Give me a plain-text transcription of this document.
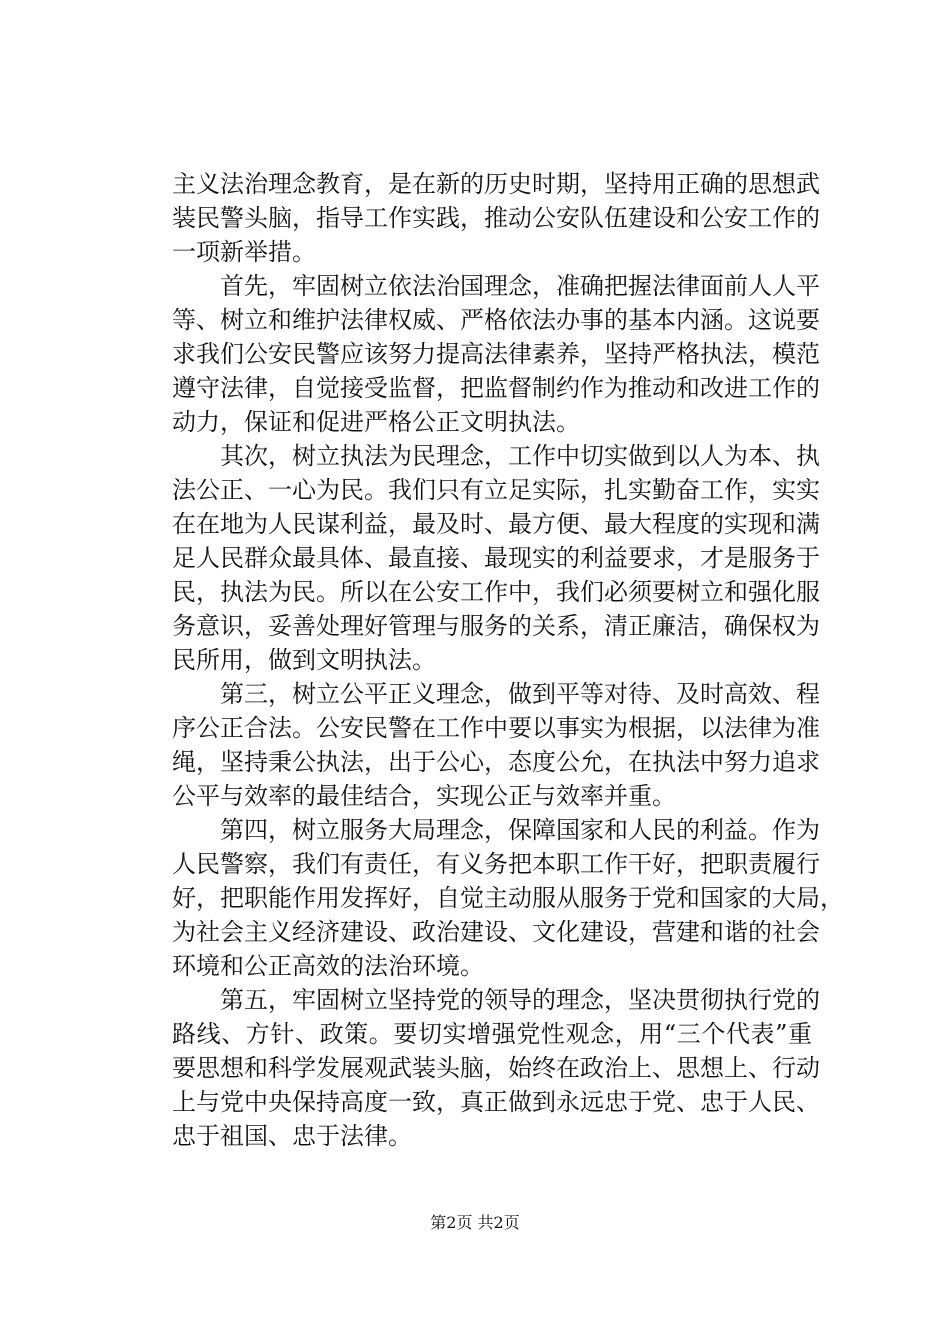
主义法治理念教育，是在新的历史时期，坚持用正确的思想武
装民警头脑，指导工作实践，推动公安队伍建设和公安工作的
一项新举措。
首先，牢固树立依法治国理念，准确把握法律面前人人平
等、树立和维护法律权威、严格依法办事的基本内涵。这说要
求我们公安民警应该努力提高法律素养，坚持严格执法，模范
遵守法律，自觉接受监督，把监督制约作为推动和改进工作的
动力，保证和促进严格公正文明执法。
其次，树立执法为民理念，工作中切实做到以人为本、执
法公正、一心为民。我们只有立足实际，扎实勤奋工作，实实
在在地为人民谋利益，最及时、最方便、最大程度的实现和满
足人民群众最具体、最直接、最现实的利益要求，才是服务于
民，执法为民。所以在公安工作中，我们必须要树立和强化服
务意识，妥善处理好管理与服务的关系，清正廉洁，确保权为
民所用，做到文明执法。
第三，树立公平正义理念，做到平等对待、及时高效、程
序公正合法。公安民警在工作中要以事实为根据，以法律为准
绳，坚持秉公执法，出于公心，态度公允，在执法中努力追求
公平与效率的最佳结合，实现公正与效率并重。
第四，树立服务大局理念，保障国家和人民的利益。作为
人民警察，我们有责任，有义务把本职工作干好，把职责履行
好，把职能作用发挥好，自觉主动服从服务于党和国家的大局，
为社会主义经济建设、政治建设、文化建设，营建和谐的社会
环境和公正高效的法治环境。
第五，牢固树立坚持党的领导的理念，坚决贯彻执行党的
路线、方针、政策。要切实增强党性观念，用“三个代表”重
要思想和科学发展观武装头脑，始终在政治上、思想上、行动
上与党中央保持高度一致，真正做到永远忠于党、忠于人民、
忠于祖国、忠于法律。
第2页 共2页
